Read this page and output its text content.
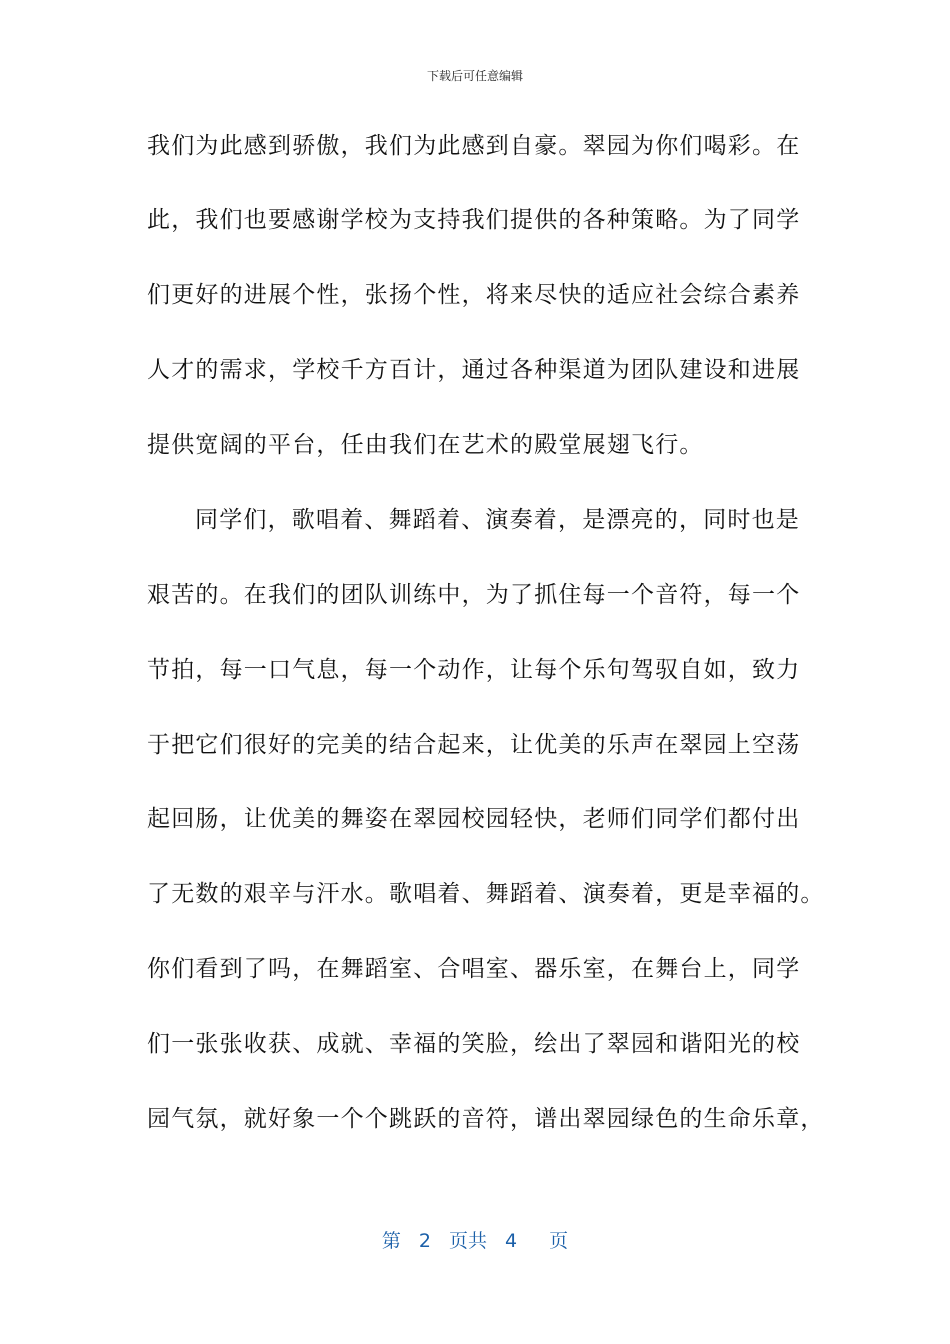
下载后可任意编辑
我们为此感到骄傲，我们为此感到自豪。翠园为你们喝彩。在
此，我们也要感谢学校为支持我们提供的各种策略。为了同学
们更好的进展个性，张扬个性，将来尽快的适应社会综合素养
人才的需求，学校千方百计，通过各种渠道为团队建设和进展
提供宽阔的平台，任由我们在艺术的殿堂展翅飞行。
同学们，歌唱着、舞蹈着、演奏着，是漂亮的，同时也是
艰苦的。在我们的团队训练中，为了抓住每一个音符，每一个
节拍，每一口气息，每一个动作，让每个乐句驾驭自如，致力
于把它们很好的完美的结合起来，让优美的乐声在翠园上空荡
起回肠，让优美的舞姿在翠园校园轻快，老师们同学们都付出
了无数的艰辛与汗水。歌唱着、舞蹈着、演奏着，更是幸福的。
你们看到了吗，在舞蹈室、合唱室、器乐室，在舞台上，同学
们一张张收获、成就、幸福的笑脸，绘出了翠园和谐阳光的校
园气氛，就好象一个个跳跃的音符，谱出翠园绿色的生命乐章，
第 2 页共 4 页
